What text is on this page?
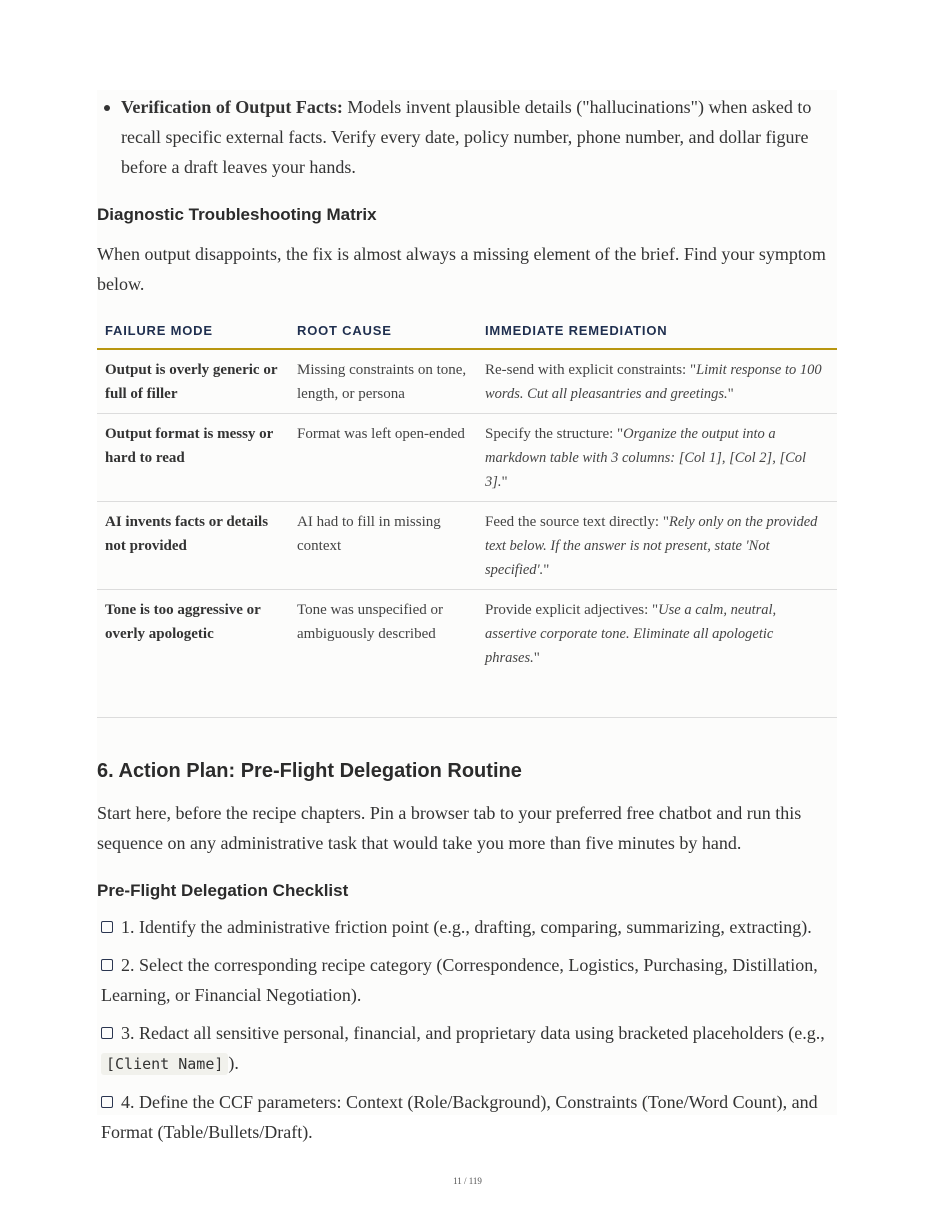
Verification of Output Facts: Models invent plausible details ("hallucinations") when asked to recall specific external facts. Verify every date, policy number, phone number, and dollar figure before a draft leaves your hands.
Diagnostic Troubleshooting Matrix

When output disappoints, the fix is almost always a missing element of the brief. Find your symptom below.

FAILURE MODE	ROOT CAUSE	IMMEDIATE REMEDIATION
Output is overly generic or full of filler	Missing constraints on tone, length, or persona	Re-send with explicit constraints: "Limit response to 100 words. Cut all pleasantries and greetings."
Output format is messy or hard to read	Format was left open-ended	Specify the structure: "Organize the output into a markdown table with 3 columns: [Col 1], [Col 2], [Col 3]."
AI invents facts or details not provided	AI had to fill in missing context	Feed the source text directly: "Rely only on the provided text below. If the answer is not present, state 'Not specified'."
Tone is too aggressive or overly apologetic	Tone was unspecified or ambiguously described	Provide explicit adjectives: "Use a calm, neutral, assertive corporate tone. Eliminate all apologetic phrases."
6. Action Plan: Pre-Flight Delegation Routine

Start here, before the recipe chapters. Pin a browser tab to your preferred free chatbot and run this sequence on any administrative task that would take you more than five minutes by hand.

Pre-Flight Delegation Checklist

1. Identify the administrative friction point (e.g., drafting, comparing, summarizing, extracting).

2. Select the corresponding recipe category (Correspondence, Logistics, Purchasing, Distillation, Learning, or Financial Negotiation).

3. Redact all sensitive personal, financial, and proprietary data using bracketed placeholders (e.g., [Client Name] ).

4. Define the CCF parameters: Context (Role/Background), Constraints (Tone/Word Count), and Format (Table/Bullets/Draft).

11 / 119
